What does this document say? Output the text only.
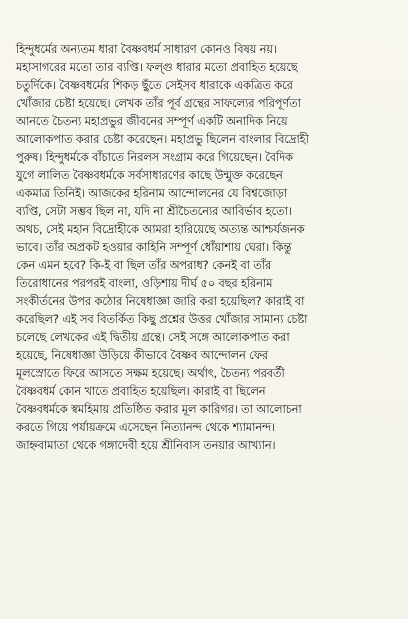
হিন্দুধর্মের অন্যতম ধারা বৈষ্ণবধর্ম সাধারণ কোনও বিষয় নয়।
মহাসাগরের মতো তার ব্যপ্তি। ফল্গু ধারার মতো প্রবাহিত হয়েছে
চতুর্দিকে। বৈষ্ণবধর্মের শিকড় ছুঁতে সেইসব ধারাকে একত্রিত করে
খোঁজার চেষ্টা হয়েছে। লেখক তাঁর পূর্ব গ্রন্থের সাফল্যের পরিপূর্ণতা
আনতে চৈতন্য মহাপ্রভুর জীবনের সম্পূর্ণ একটি অনাদিক নিয়ে
আলোকপাত করার চেষ্টা করেছেন। মহাপ্রভু ছিলেন বাংলার বিদ্রোহী
পুরুষ। হিন্দুধর্মকে বাঁচাতে নিরলস সংগ্রাম করে গিয়েছেন। বৈদিক
যুগে লালিত বৈষ্ণবধর্মকে সর্বসাধারণের কাছে উন্মুক্ত করেছেন
একমাত্র তিনিই। আজকের হরিনাম আন্দোলনের যে বিশ্বজোড়া
ব্যপ্তি, সেটা সম্ভব ছিল না, যদি না শ্রীচৈতন্যের আবির্ভাব হতো।
অথচ, সেই মহান বিদ্রোহীকে আমরা হারিয়েছে অত্যন্ত আশ্চর্যজনক
ভাবে। তাঁর অপ্রকট হওয়ার কাহিনি সম্পূর্ণ ধোঁয়াশায় ঘেরা। কিন্তু
কেন এমন হবে? কি-ই বা ছিল তাঁর অপরাধ? কেনই বা তাঁর
তিরোধানের পরপরই বাংলা, ওড়িশায় দীর্ঘ ৫০ বছর হরিনাম
সংকীর্তনের উপর কঠোর নিষেধাজ্ঞা জারি করা হয়েছিল? কারাই বা
করেছিল? এই সব বিতর্কিত কিছু প্রশ্নের উত্তর খোঁজার সামান্য চেষ্টা
চলেছে লেখকের এই দ্বিতীয় গ্রন্থে। সেই সঙ্গে আলোকপাত করা
হয়েছে, নিষেধাজ্ঞা উড়িয়ে কীভাবে বৈষ্ণব আন্দোলন ফের
মূলস্রোতে ফিরে আসতে সক্ষম হয়েছে। অর্থাৎ, চৈতন্য পরবর্তী
বৈষ্ণবধর্ম কোন খাতে প্রবাহিত হয়েছিল। কারাই বা ছিলেন
বৈষ্ণবধর্মকে স্বমহিমায় প্রতিষ্ঠিত করার মূল কারিগর। তা আলোচনা
করতে গিয়ে পর্যায়ক্রমে এসেছেন নিত্যানন্দ থেকে শ্যামানন্দ।
জাহ্নবামাতা থেকে গঙ্গাদেবী হয়ে শ্রীনিবাস তনয়ার আখ্যান।
